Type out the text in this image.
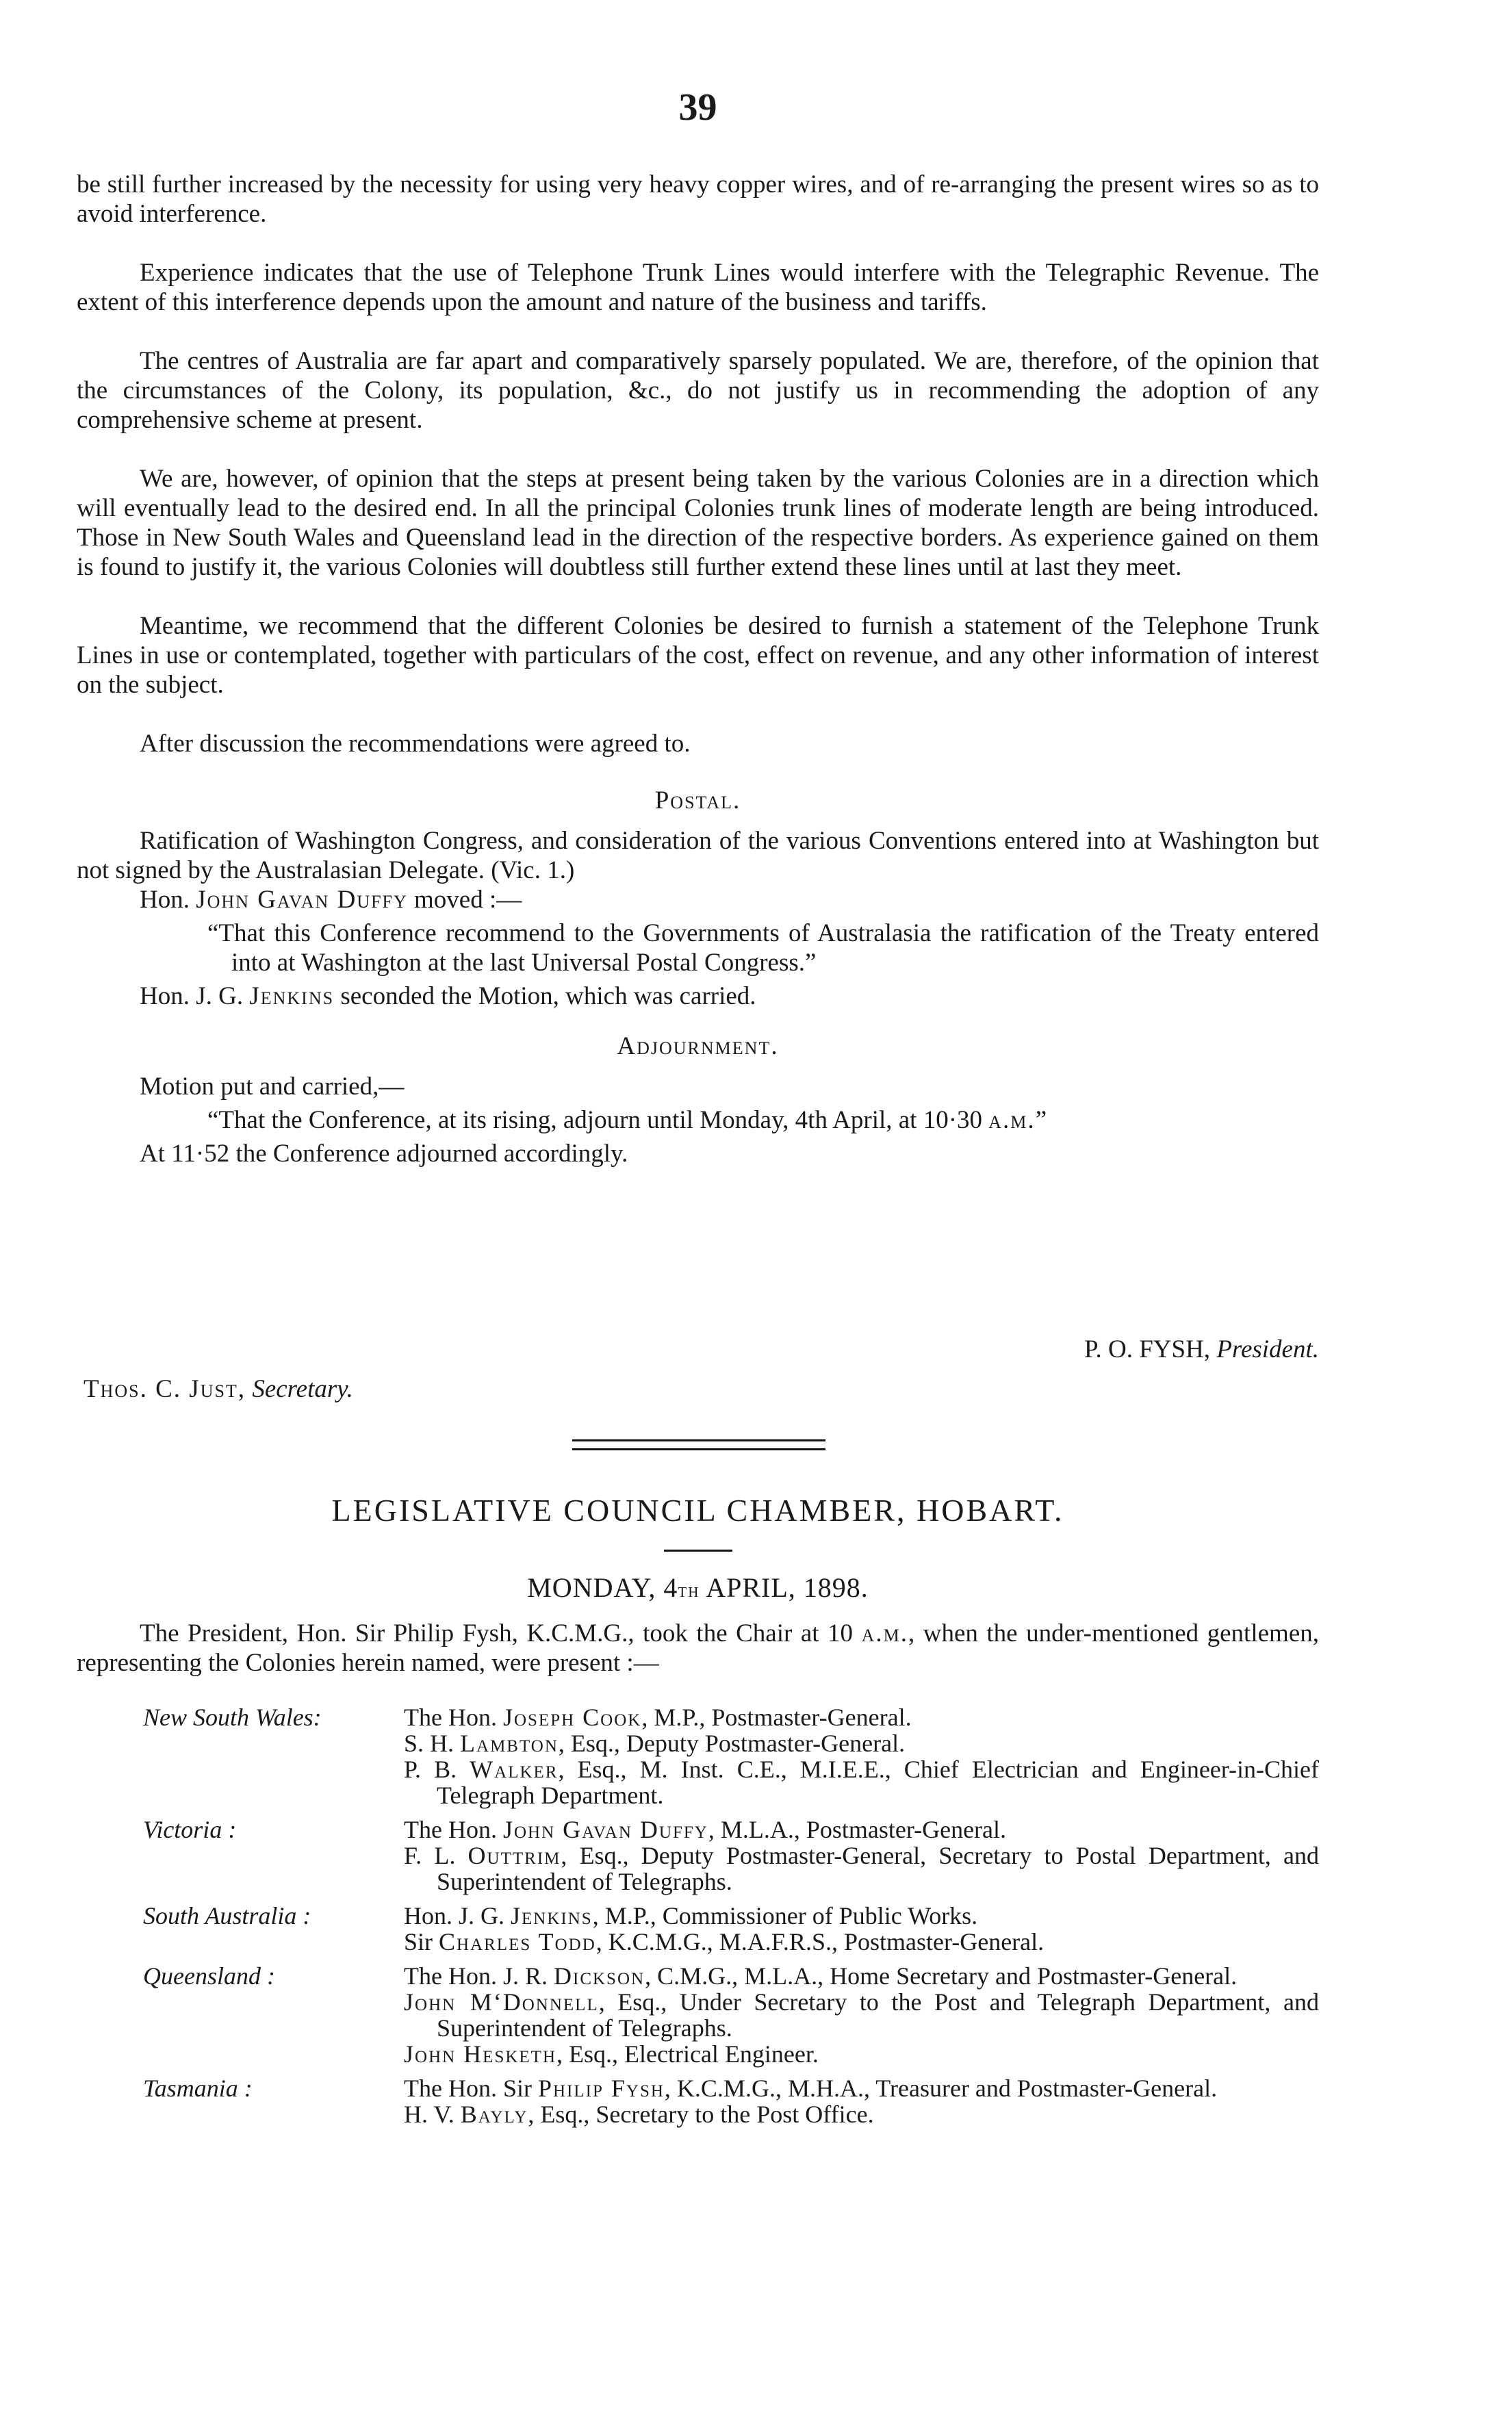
39

be still further increased by the necessity for using very heavy copper wires, and of re-arranging the present wires so as to avoid interference.

Experience indicates that the use of Telephone Trunk Lines would interfere with the Telegraphic Revenue. The extent of this interference depends upon the amount and nature of the business and tariffs.

The centres of Australia are far apart and comparatively sparsely populated. We are, therefore, of the opinion that the circumstances of the Colony, its population, &c., do not justify us in recommending the adoption of any comprehensive scheme at present.

We are, however, of opinion that the steps at present being taken by the various Colonies are in a direction which will eventually lead to the desired end. In all the principal Colonies trunk lines of moderate length are being introduced. Those in New South Wales and Queensland lead in the direction of the respective borders. As experience gained on them is found to justify it, the various Colonies will doubtless still further extend these lines until at last they meet.

Meantime, we recommend that the different Colonies be desired to furnish a statement of the Telephone Trunk Lines in use or contemplated, together with particulars of the cost, effect on revenue, and any other information of interest on the subject.

After discussion the recommendations were agreed to.

Postal.

Ratification of Washington Congress, and consideration of the various Conventions entered into at Washington but not signed by the Australasian Delegate. (Vic. 1.)

Hon. John Gavan Duffy moved :—

“That this Conference recommend to the Governments of Australasia the ratification of the Treaty entered into at Washington at the last Universal Postal Congress.”

Hon. J. G. Jenkins seconded the Motion, which was carried.

Adjournment.

Motion put and carried,—

“That the Conference, at its rising, adjourn until Monday, 4th April, at 10·30 a.m.”

At 11·52 the Conference adjourned accordingly.

P. O. FYSH, President.
Thos. C. Just, Secretary.
LEGISLATIVE COUNCIL CHAMBER, HOBART.
MONDAY, 4th APRIL, 1898.

The President, Hon. Sir Philip Fysh, K.C.M.G., took the Chair at 10 a.m., when the under-mentioned gentlemen, representing the Colonies herein named, were present :—

New South Wales:	The Hon. Joseph Cook, M.P., Postmaster-General.
S. H. Lambton, Esq., Deputy Postmaster-General.
P. B. Walker, Esq., M. Inst. C.E., M.I.E.E., Chief Electrician and Engineer-in-Chief Telegraph Department.
Victoria :	The Hon. John Gavan Duffy, M.L.A., Postmaster-General.
F. L. Outtrim, Esq., Deputy Postmaster-General, Secretary to Postal Department, and Superintendent of Telegraphs.
South Australia :	Hon. J. G. Jenkins, M.P., Commissioner of Public Works.
Sir Charles Todd, K.C.M.G., M.A.F.R.S., Postmaster-General.
Queensland :	The Hon. J. R. Dickson, C.M.G., M.L.A., Home Secretary and Postmaster-General.
John M‘Donnell, Esq., Under Secretary to the Post and Telegraph Department, and Superintendent of Telegraphs.
John Hesketh, Esq., Electrical Engineer.
Tasmania :	The Hon. Sir Philip Fysh, K.C.M.G., M.H.A., Treasurer and Postmaster-General.
H. V. Bayly, Esq., Secretary to the Post Office.
